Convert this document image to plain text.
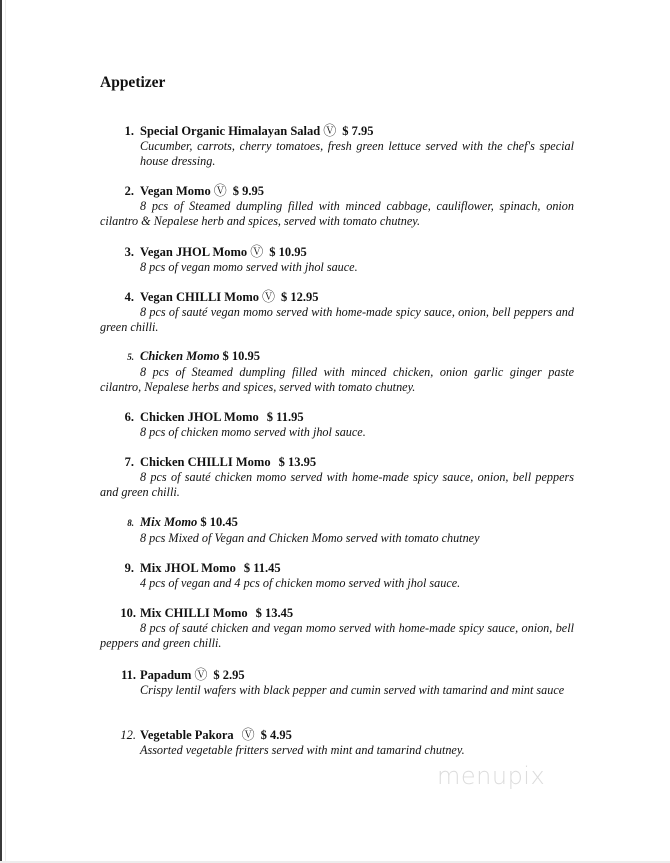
Appetizer
1. Special Organic Himalayan Salad Ⓥ $ 7.95

Cucumber, carrots, cherry tomatoes, fresh green lettuce served with the chef's special house dressing.

2. Vegan Momo Ⓥ $ 9.95

8 pcs of Steamed dumpling filled with minced cabbage, cauliflower, spinach, onion cilantro & Nepalese herb and spices, served with tomato chutney.

3. Vegan JHOL Momo Ⓥ $ 10.95

8 pcs of vegan momo served with jhol sauce.

4. Vegan CHILLI Momo Ⓥ $ 12.95

8 pcs of sauté vegan momo served with home-made spicy sauce, onion, bell peppers and green chilli.

5. Chicken Momo $ 10.95

8 pcs of Steamed dumpling filled with minced chicken, onion garlic ginger paste cilantro, Nepalese herbs and spices, served with tomato chutney.

6. Chicken JHOL Momo $ 11.95

8 pcs of chicken momo served with jhol sauce.

7. Chicken CHILLI Momo $ 13.95

8 pcs of sauté chicken momo served with home-made spicy sauce, onion, bell peppers and green chilli.

8. Mix Momo $ 10.45

8 pcs Mixed of Vegan and Chicken Momo served with tomato chutney

9. Mix JHOL Momo $ 11.45

4 pcs of vegan and 4 pcs of chicken momo served with jhol sauce.

10. Mix CHILLI Momo $ 13.45

8 pcs of sauté chicken and vegan momo served with home-made spicy sauce, onion, bell peppers and green chilli.

11. Papadum Ⓥ $ 2.95

Crispy lentil wafers with black pepper and cumin served with tamarind and mint sauce

12. Vegetable Pakora Ⓥ $ 4.95

Assorted vegetable fritters served with mint and tamarind chutney.

menupix
